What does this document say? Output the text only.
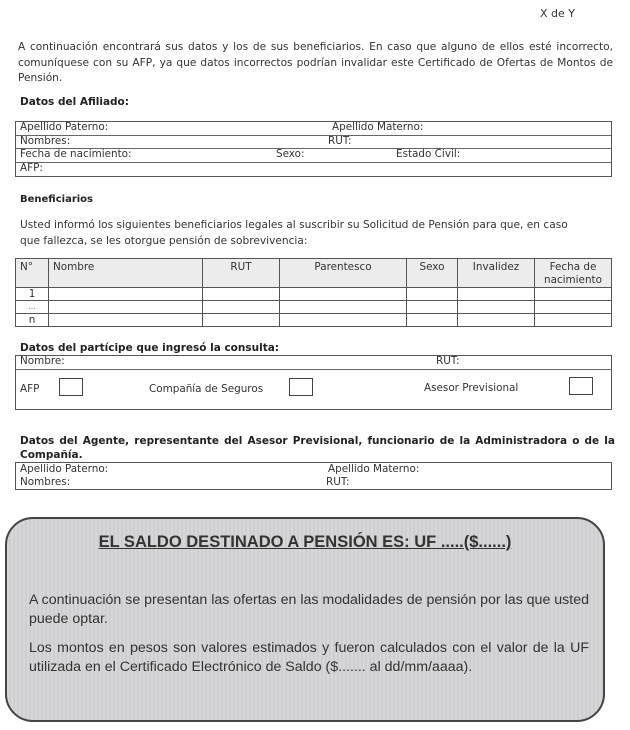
X de Y
A continuación encontrará sus datos y los de sus beneficiarios. En caso que alguno de ellos esté incorrecto, comuníquese con su AFP, ya que datos incorrectos podrían invalidar este Certificado de Ofertas de Montos de Pensión.
Datos del Afiliado:
Apellido Paterno:	Apellido Materno:
Nombres:	RUT:
Fecha de nacimiento:	Sexo:	Estado Civil:
AFP:
Beneficiarios
Usted informó los siguientes beneficiarios legales al suscribir su Solicitud de Pensión para que, en caso que fallezca, se les otorgue pensión de sobrevivencia:
N°	Nombre	RUT	Parentesco	Sexo	Invalidez	Fecha de nacimiento
1						
...						
n						
Datos del partícipe que ingresó la consulta:
Nombre:	RUT:
AFP	Compañía de Seguros	Asesor Previsional
Datos del Agente, representante del Asesor Previsional, funcionario de la Administradora o de la Compañía.
Apellido Paterno:	Apellido Materno:
Nombres:	RUT:
EL SALDO DESTINADO A PENSIÓN ES: UF .....($......)
A continuación se presentan las ofertas en las modalidades de pensión por las que usted puede optar.
Los montos en pesos son valores estimados y fueron calculados con el valor de la UF utilizada en el Certificado Electrónico de Saldo ($....... al dd/mm/aaaa).
